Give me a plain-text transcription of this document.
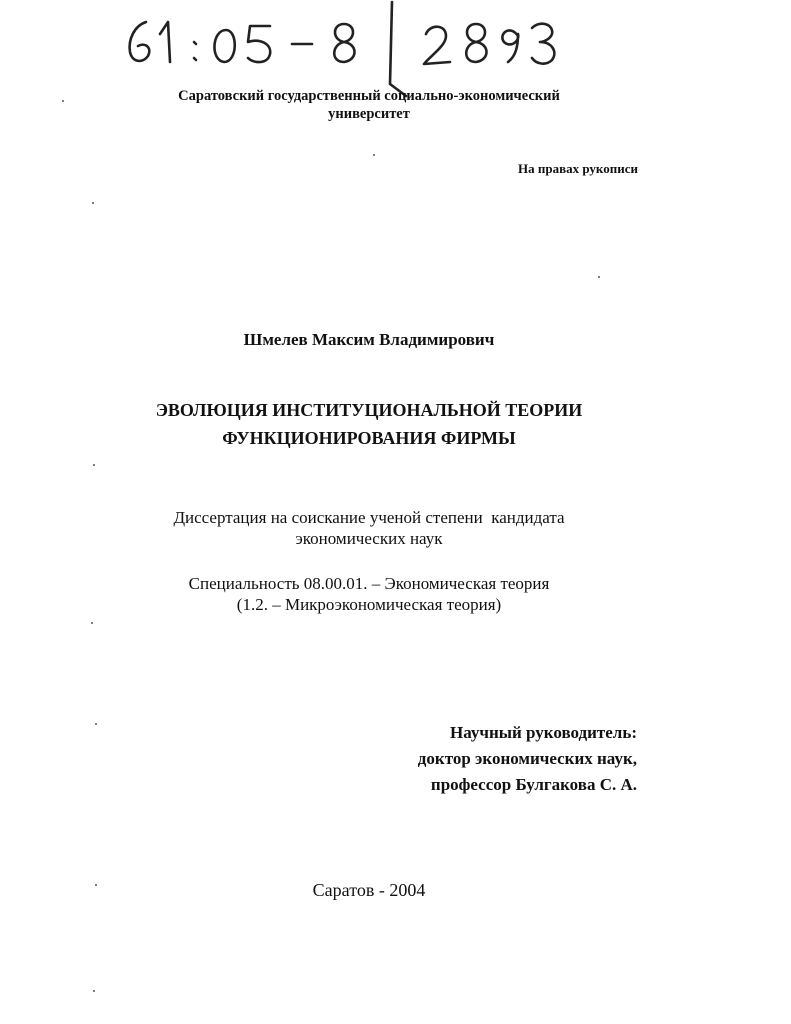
Саратовский государственный социально-экономический
университет
На правах рукописи
Шмелев Максим Владимирович
ЭВОЛЮЦИЯ ИНСТИТУЦИОНАЛЬНОЙ ТЕОРИИ
ФУНКЦИОНИРОВАНИЯ ФИРМЫ
Диссертация на соискание ученой степени  кандидата
экономических наук
Специальность 08.00.01. – Экономическая теория
(1.2. – Микроэкономическая теория)
Научный руководитель:
доктор экономических наук,
профессор Булгакова С. А.
Саратов - 2004
